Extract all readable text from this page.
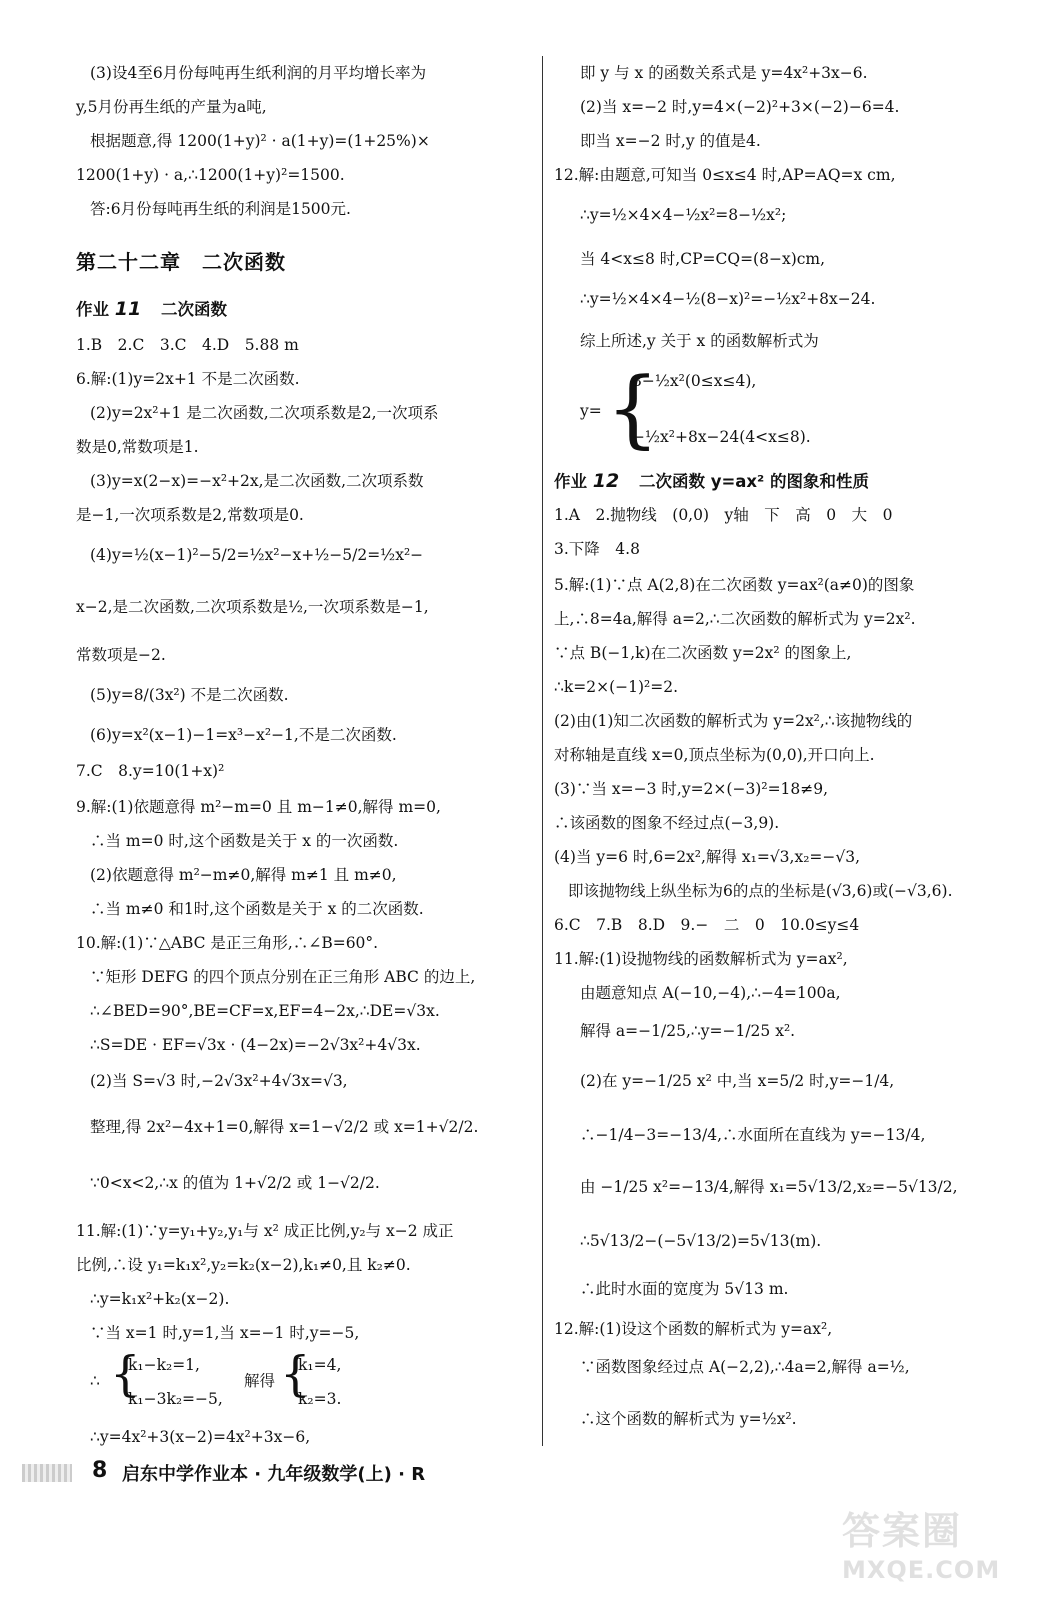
(3)设4至6月份每吨再生纸利润的月平均增长率为
y,5月份再生纸的产量为a吨,
根据题意,得 1200(1+y)² · a(1+y)=(1+25%)×
1200(1+y) · a,∴1200(1+y)²=1500.
答:6月份每吨再生纸的利润是1500元.
第二十二章　二次函数
作业 11 二次函数
1.B　2.C　3.C　4.D　5.88 m
6.解:(1)y=2x+1 不是二次函数.
(2)y=2x²+1 是二次函数,二次项系数是2,一次项系
数是0,常数项是1.
(3)y=x(2−x)=−x²+2x,是二次函数,二次项系数
是−1,一次项系数是2,常数项是0.
(4)y=½(x−1)²−5/2=½x²−x+½−5/2=½x²−
x−2,是二次函数,二次项系数是½,一次项系数是−1,
常数项是−2.
(5)y=8/(3x²) 不是二次函数.
(6)y=x²(x−1)−1=x³−x²−1,不是二次函数.
7.C　8.y=10(1+x)²
9.解:(1)依题意得 m²−m=0 且 m−1≠0,解得 m=0,
∴当 m=0 时,这个函数是关于 x 的一次函数.
(2)依题意得 m²−m≠0,解得 m≠1 且 m≠0,
∴当 m≠0 和1时,这个函数是关于 x 的二次函数.
10.解:(1)∵△ABC 是正三角形,∴∠B=60°.
∵矩形 DEFG 的四个顶点分别在正三角形 ABC 的边上,
∴∠BED=90°,BE=CF=x,EF=4−2x,∴DE=√3x.
∴S=DE · EF=√3x · (4−2x)=−2√3x²+4√3x.
(2)当 S=√3 时,−2√3x²+4√3x=√3,
整理,得 2x²−4x+1=0,解得 x=1−√2/2 或 x=1+√2/2.
∵0<x<2,∴x 的值为 1+√2/2 或 1−√2/2.
11.解:(1)∵y=y₁+y₂,y₁与 x² 成正比例,y₂与 x−2 成正
比例,∴设 y₁=k₁x²,y₂=k₂(x−2),k₁≠0,且 k₂≠0.
∴y=k₁x²+k₂(x−2).
∵当 x=1 时,y=1,当 x=−1 时,y=−5,
∴ {
k₁−k₂=1,
k₁−3k₂=−5,
解得 {
k₁=4,
k₂=3.
∴y=4x²+3(x−2)=4x²+3x−6,
即 y 与 x 的函数关系式是 y=4x²+3x−6.
(2)当 x=−2 时,y=4×(−2)²+3×(−2)−6=4.
即当 x=−2 时,y 的值是4.
12.解:由题意,可知当 0≤x≤4 时,AP=AQ=x cm,
∴y=½×4×4−½x²=8−½x²;
当 4<x≤8 时,CP=CQ=(8−x)cm,
∴y=½×4×4−½(8−x)²=−½x²+8x−24.
综上所述,y 关于 x 的函数解析式为
y= {
8−½x²(0≤x≤4),
−½x²+8x−24(4<x≤8).
作业 12 二次函数 y=ax² 的图象和性质
1.A　2.抛物线　(0,0)　y轴　下　高　0　大　0
3.下降　4.8
5.解:(1)∵点 A(2,8)在二次函数 y=ax²(a≠0)的图象
上,∴8=4a,解得 a=2,∴二次函数的解析式为 y=2x².
∵点 B(−1,k)在二次函数 y=2x² 的图象上,
∴k=2×(−1)²=2.
(2)由(1)知二次函数的解析式为 y=2x²,∴该抛物线的
对称轴是直线 x=0,顶点坐标为(0,0),开口向上.
(3)∵当 x=−3 时,y=2×(−3)²=18≠9,
∴该函数的图象不经过点(−3,9).
(4)当 y=6 时,6=2x²,解得 x₁=√3,x₂=−√3,
即该抛物线上纵坐标为6的点的坐标是(√3,6)或(−√3,6).
6.C　7.B　8.D　9.−　二　0　10.0≤y≤4
11.解:(1)设抛物线的函数解析式为 y=ax²,
由题意知点 A(−10,−4),∴−4=100a,
解得 a=−1/25,∴y=−1/25 x².
(2)在 y=−1/25 x² 中,当 x=5/2 时,y=−1/4,
∴−1/4−3=−13/4,∴水面所在直线为 y=−13/4,
由 −1/25 x²=−13/4,解得 x₁=5√13/2,x₂=−5√13/2,
∴5√13/2−(−5√13/2)=5√13(m).
∴此时水面的宽度为 5√13 m.
12.解:(1)设这个函数的解析式为 y=ax²,
∵函数图象经过点 A(−2,2),∴4a=2,解得 a=½,
∴这个函数的解析式为 y=½x².
8 启东中学作业本 · 九年级数学(上) · R
答案圈
MXQE.COM
